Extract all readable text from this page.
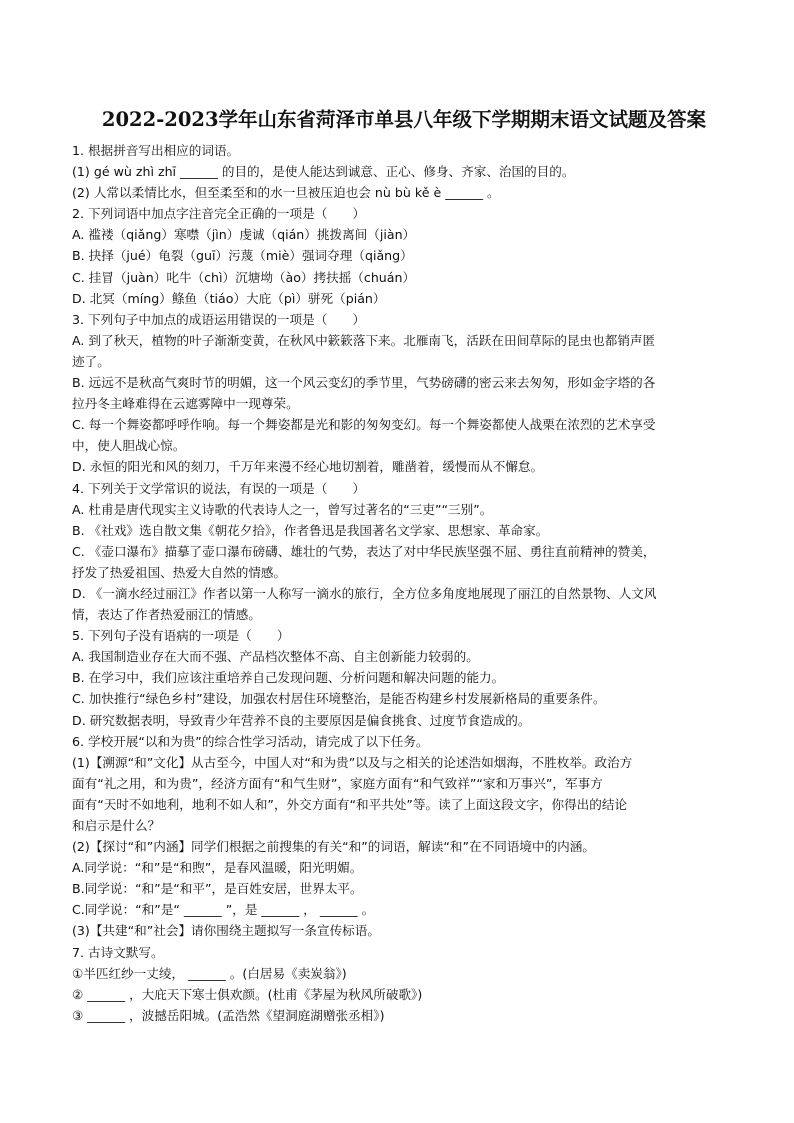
2022-2023学年山东省菏泽市单县八年级下学期期末语文试题及答案
1. 根据拼音写出相应的词语。
(1) gé wù zhì zhī ______ 的目的，是使人能达到诚意、正心、修身、齐家、治国的目的。
(2) 人常以柔情比水，但至柔至和的水一旦被压迫也会 nù bù kě è ______ 。
2. 下列词语中加点字注音完全正确的一项是（　　）
A. 褴褛（qiǎng）寒噤（jìn）虔诚（qián）挑拨离间（jiàn）
B. 抉择（jué）龟裂（guī）污蔑（miè）强词夺理（qiǎng）
C. 挂冒（juàn）叱牛（chì）沉塘坳（ào）拷扶摇（chuán）
D. 北冥（míng）鲦鱼（tiáo）大庇（pì）骈死（pián）
3. 下列句子中加点的成语运用错误的一项是（　　）
A. 到了秋天，植物的叶子渐渐变黄，在秋风中簌簌落下来。北雁南飞，活跃在田间草际的昆虫也都销声匿
迹了。
B. 远远不是秋高气爽时节的明媚，这一个风云变幻的季节里，气势磅礴的密云来去匆匆，形如金字塔的各
拉丹冬主峰难得在云遮雾障中一现尊荣。
C. 每一个舞姿都呼呼作响。每一个舞姿都是光和影的匆匆变幻。每一个舞姿都使人战栗在浓烈的艺术享受
中，使人胆战心惊。
D. 永恒的阳光和风的刻刀，千万年来漫不经心地切割着，雕凿着，缓慢而从不懈怠。
4. 下列关于文学常识的说法，有误的一项是（　　）
A. 杜甫是唐代现实主义诗歌的代表诗人之一，曾写过著名的“三吏”“三别”。
B. 《社戏》选自散文集《朝花夕拾》，作者鲁迅是我国著名文学家、思想家、革命家。
C. 《壶口瀑布》描摹了壶口瀑布磅礴、雄壮的气势，表达了对中华民族坚强不屈、勇往直前精神的赞美，
抒发了热爱祖国、热爱大自然的情感。
D. 《一滴水经过丽江》作者以第一人称写一滴水的旅行，全方位多角度地展现了丽江的自然景物、人文风
情，表达了作者热爱丽江的情感。
5. 下列句子没有语病的一项是（　　）
A. 我国制造业存在大而不强、产品档次整体不高、自主创新能力较弱的。
B. 在学习中，我们应该注重培养自己发现问题、分析问题和解决问题的能力。
C. 加快推行“绿色乡村”建设，加强农村居住环境整治，是能否构建乡村发展新格局的重要条件。
D. 研究数据表明，导致青少年营养不良的主要原因是偏食挑食、过度节食造成的。
6. 学校开展“以和为贵”的综合性学习活动，请完成了以下任务。
(1)【溯源“和”文化】从古至今，中国人对“和为贵”以及与之相关的论述浩如烟海，不胜枚举。政治方
面有“礼之用，和为贵”，经济方面有“和气生财”，家庭方面有“和气致祥”“家和万事兴”，军事方
面有“天时不如地利，地利不如人和”，外交方面有“和平共处”等。读了上面这段文字，你得出的结论
和启示是什么？
(2)【探讨“和”内涵】同学们根据之前搜集的有关“和”的词语，解读“和”在不同语境中的内涵。
A.同学说：“和”是“和煦”，是春风温暖，阳光明媚。
B.同学说：“和”是“和平”，是百姓安居，世界太平。
C.同学说：“和”是“ ______ ”，是 ______ ， ______ 。
(3)【共建“和”社会】请你围绕主题拟写一条宣传标语。
7. 古诗文默写。
①半匹红纱一丈绫， ______ 。(白居易《卖炭翁》)
② ______ ，大庇天下寒士俱欢颜。(杜甫《茅屋为秋风所破歌》)
③ ______ ，波撼岳阳城。(孟浩然《望洞庭湖赠张丞相》)
